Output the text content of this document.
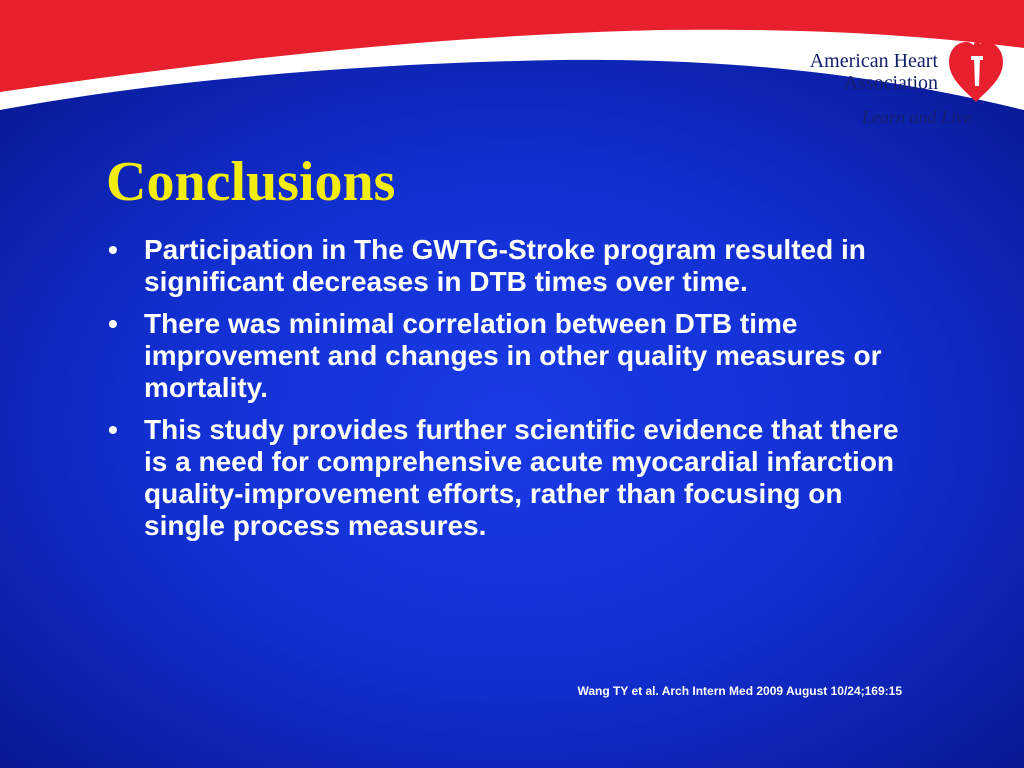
American Heart
Association
Learn and Live
Conclusions
• Participation in The GWTG-Stroke program resulted in significant decreases in DTB times over time.
• There was minimal correlation between DTB time improvement and changes in other quality measures or mortality.
• This study provides further scientific evidence that there is a need for comprehensive acute myocardial infarction quality-improvement efforts, rather than focusing on single process measures.
Wang TY et al. Arch Intern Med 2009 August 10/24;169:15
